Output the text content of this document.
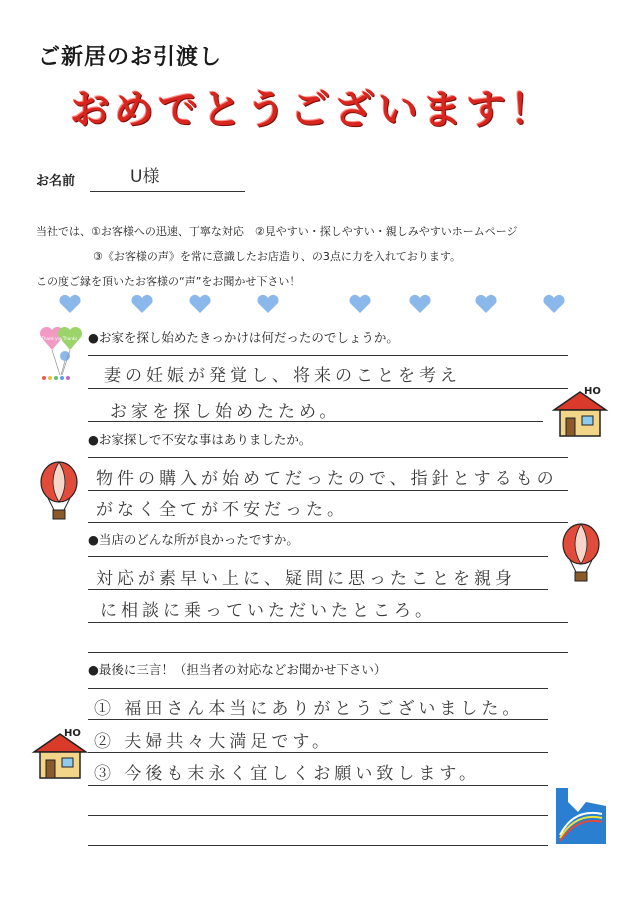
ご新居のお引渡し
おめでとうございます！
お名前	U様
当社では、①お客様への迅速、丁寧な対応　②見やすい・探しやすい・親しみやすいホームページ
③《お客様の声》を常に意識したお店造り、の3点に力を入れております。
この度ご縁を頂いたお客様の“声”をお聞かせ下さい！
●お家を探し始めたきっかけは何だったのでしょうか。
妻の妊娠が発覚し、将来のことを考え
お家を探し始めたため。
●お家探しで不安な事はありましたか。
物件の購入が始めてだったので、指針とするもの
がなく全てが不安だった。
●当店のどんな所が良かったですか。
対応が素早い上に、疑問に思ったことを親身
に相談に乗っていただいたところ。
●最後に三言！（担当者の対応などお聞かせ下さい）
① 福田さん本当にありがとうございました。
② 夫婦共々大満足です。
③ 今後も末永く宜しくお願い致します。
Thank you Thanks
HO
HO
